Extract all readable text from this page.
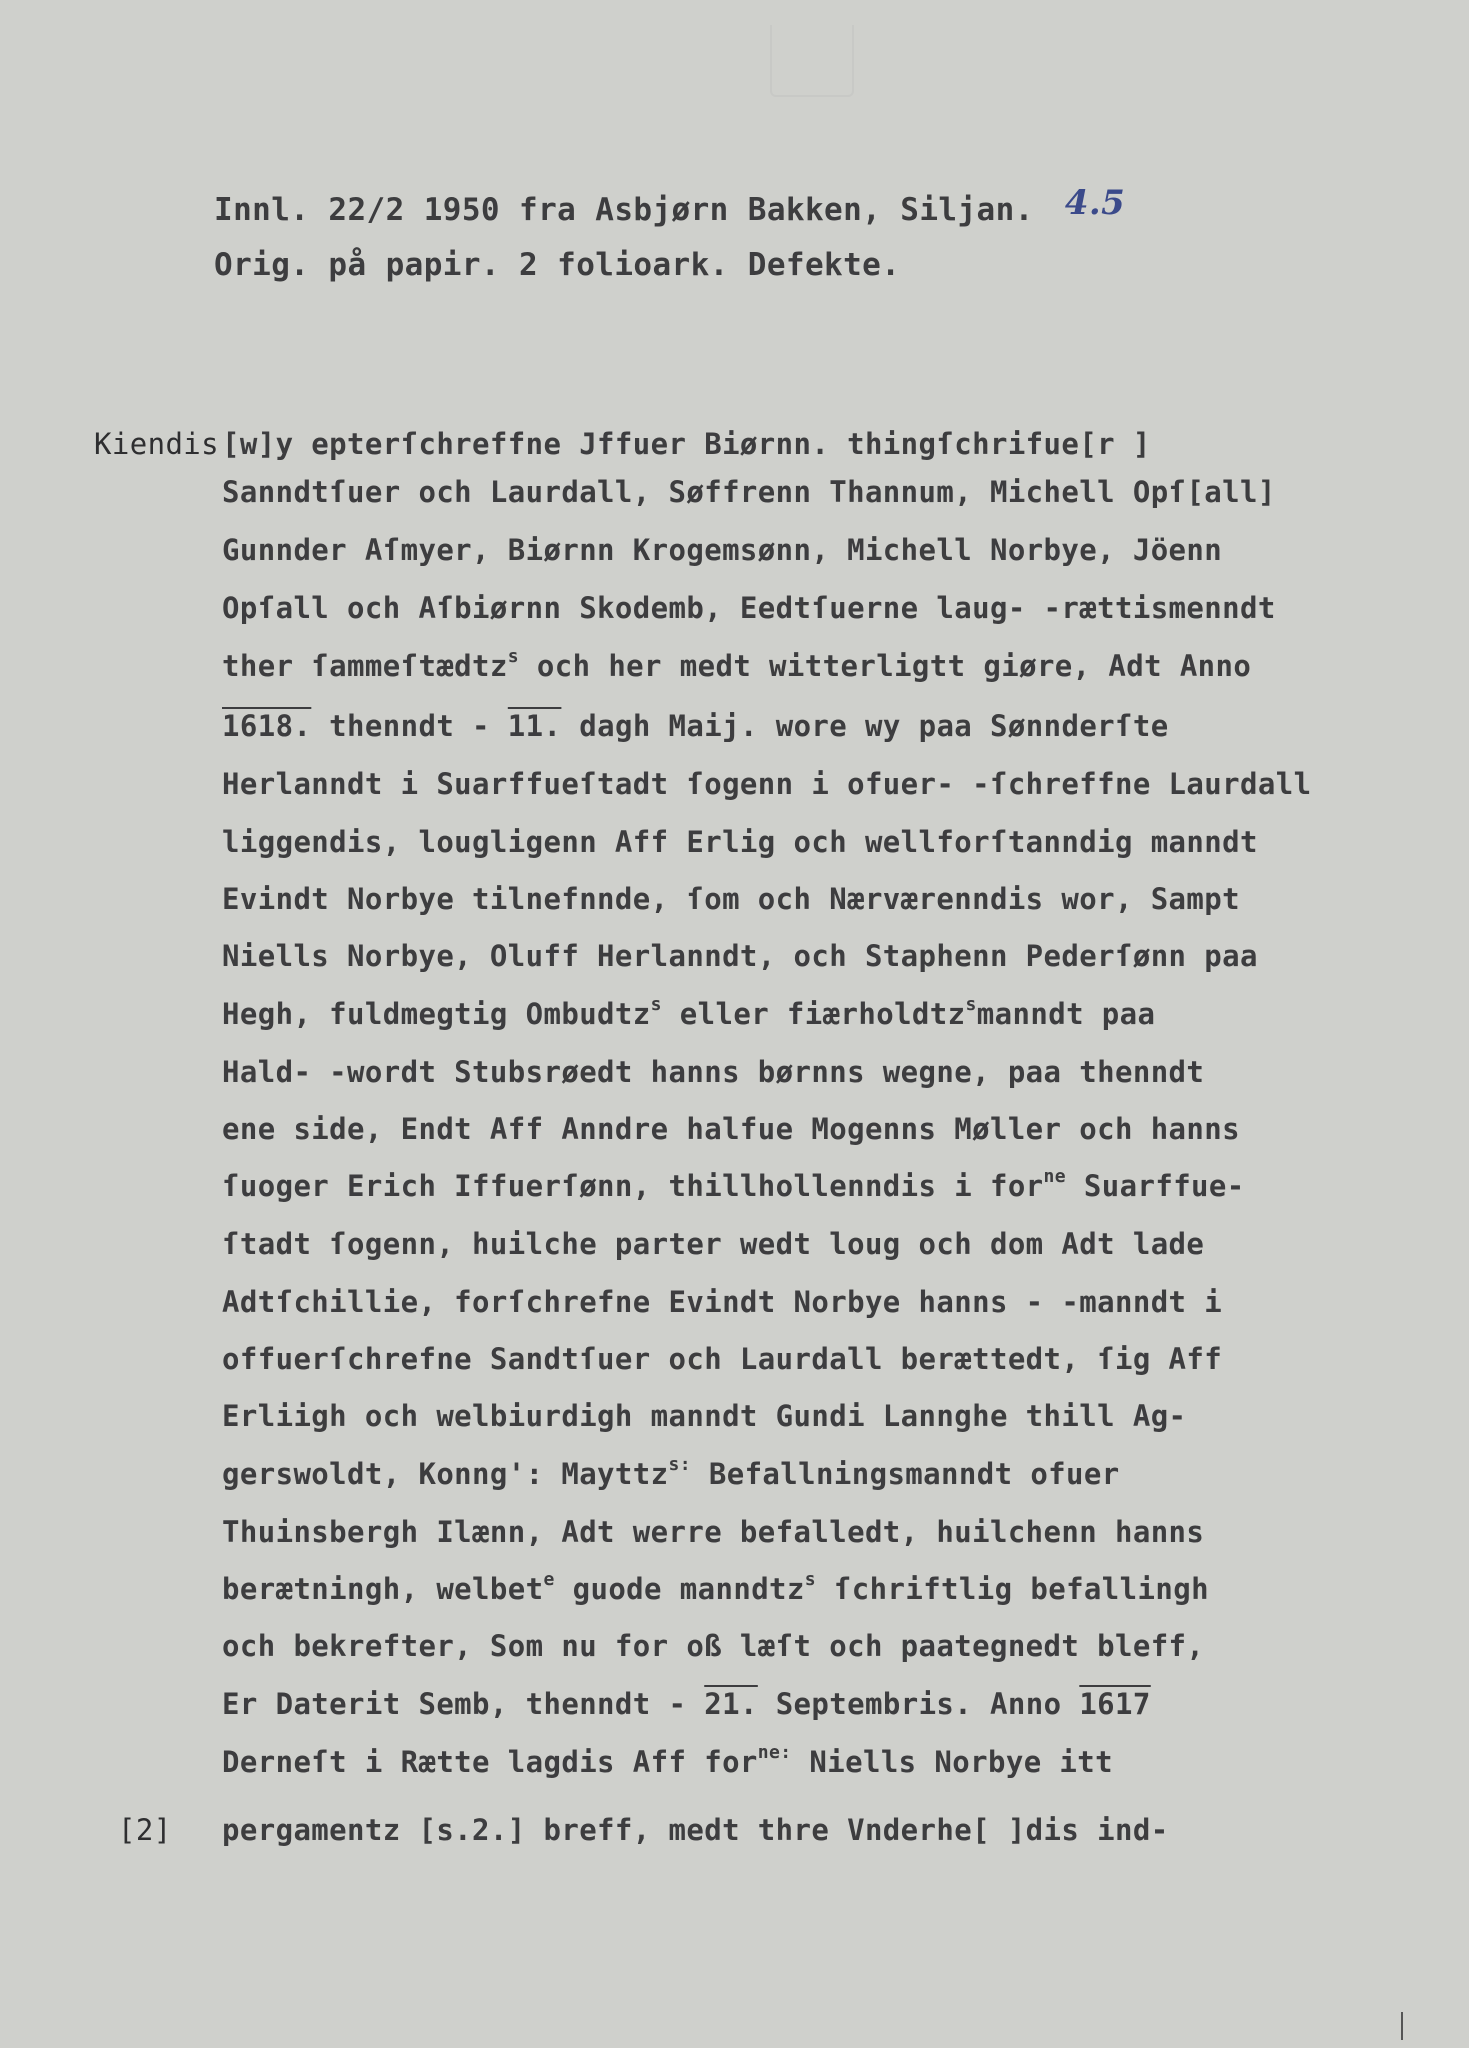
Innl. 22/2 1950 fra Asbjørn Bakken, Siljan. 4.5
Orig. på papir. 2 folioark. Defekte.
Kiendis [w]y epterſchreffne Jffuer Biørnn. thingſchrifue[r ]
Sanndtſuer och Laurdall, Søffrenn Thannum, Michell Opſ[all]
Gunnder Aſmyer, Biørnn Krogemsønn, Michell Norbye, Jöenn
Opſall och Aſbiørnn Skodemb, Eedtſuerne laug- -rættismenndt
ther ſammeſtædtz$^s$ och her medt witterligtt giøre, Adt Anno
1618. thenndt - 11. dagh Maij. wore wy paa Sønnderſte
Herlanndt i Suarffueſtadt ſogenn i ofuer- -ſchreffne Laurdall
liggendis, lougligenn Aff Erlig och wellforſtanndig manndt
Evindt Norbye tilnefnnde, ſom och Nærværenndis wor, Sampt
Niells Norbye, Oluff Herlanndt, och Staphenn Pederſønn paa
Hegh, fuldmegtig Ombudtz$^s$ eller fiærholdtz$^s$manndt paa
Hald- -wordt Stubsrøedt hanns børnns wegne, paa thenndt
ene side, Endt Aff Anndre halfue Mogenns Møller och hanns
ſuoger Erich Iffuerſønn, thillhollenndis i for$^{ne}$ Suarffue-
ſtadt ſogenn, huilche parter wedt loug och dom Adt lade
Adtſchillie, forſchrefne Evindt Norbye hanns - -manndt i
offuerſchrefne Sandtſuer och Laurdall berættedt, ſig Aff
Erliigh och welbiurdigh manndt Gundi Lannghe thill Ag-
gerswoldt, Konng': Mayttz$^{s:}$ Befallningsmanndt ofuer
Thuinsbergh Ilænn, Adt werre befalledt, huilchenn hanns
berætningh, welbet$^e$ guode manndtz$^s$ ſchriftlig befallingh
och bekrefter, Som nu for oß læſt och paategnedt bleff,
Er Daterit Semb, thenndt - 21. Septembris. Anno 1617
Derneſt i Rætte lagdis Aff for$^{ne:}$ Niells Norbye itt
[2] pergamentz [s.2.] breff, medt thre Vnderhe[ ]dis ind-
